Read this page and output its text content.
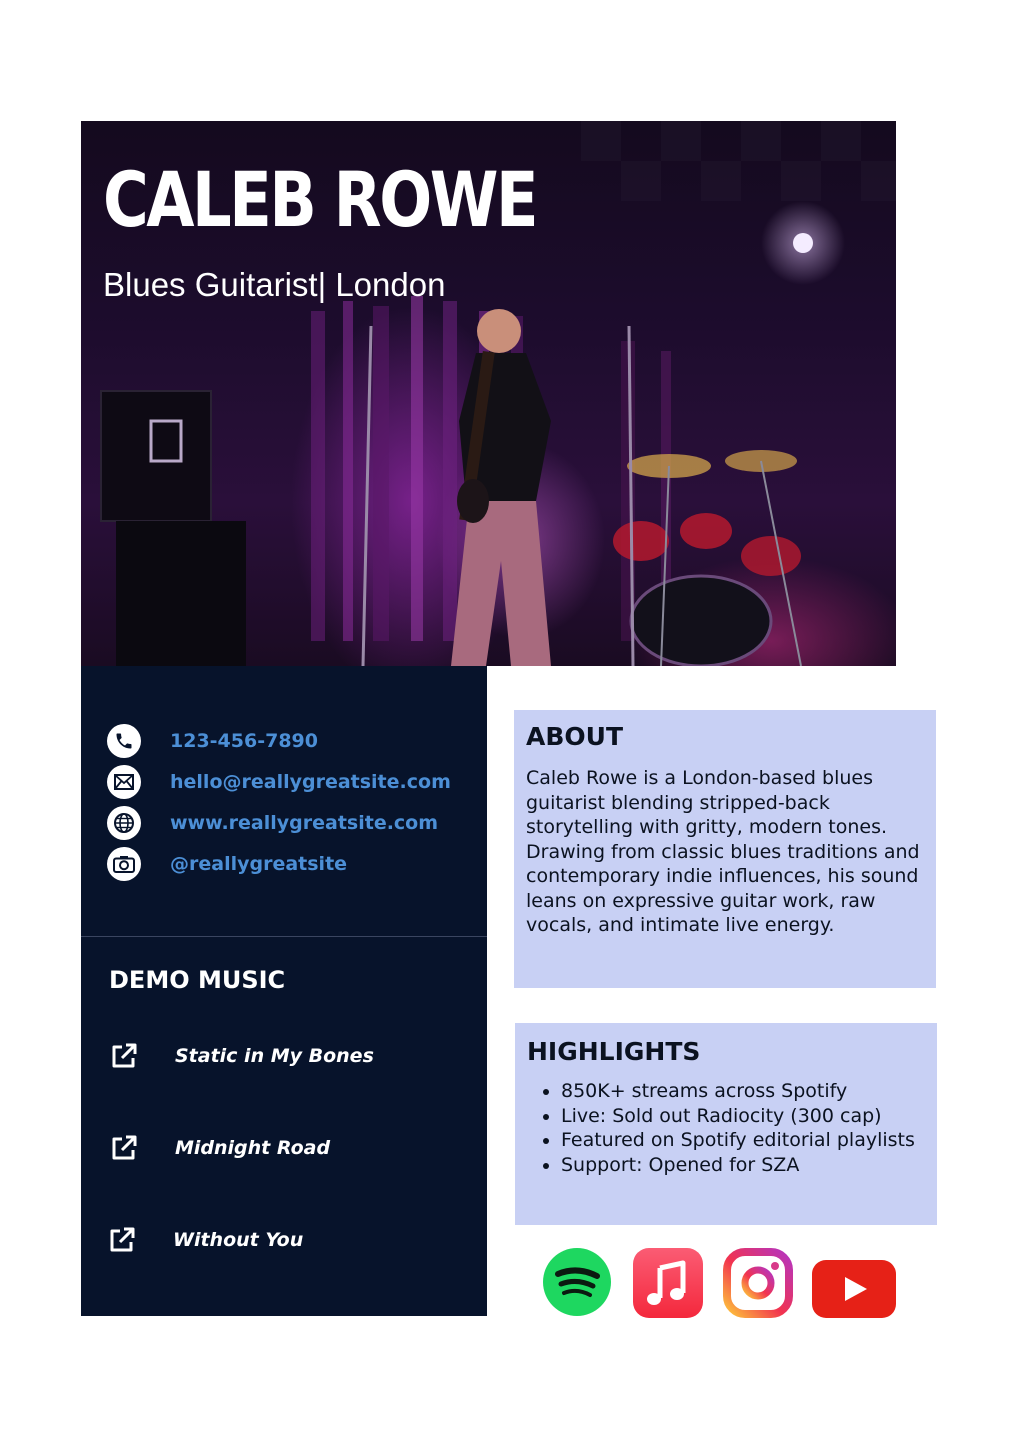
CALEB ROWE

Blues Guitarist| London

123-456-7890
hello@reallygreatsite.com
www.reallygreatsite.com
@reallygreatsite
DEMO MUSIC
Static in My Bones
Midnight Road
Without You
ABOUT

Caleb Rowe is a London-based blues guitarist blending stripped-back storytelling with gritty, modern tones. Drawing from classic blues traditions and contemporary indie influences, his sound leans on expressive guitar work, raw vocals, and intimate live energy.

HIGHLIGHTS
• 850K+ streams across Spotify
• Live: Sold out Radiocity (300 cap)
• Featured on Spotify editorial playlists
• Support: Opened for SZA
